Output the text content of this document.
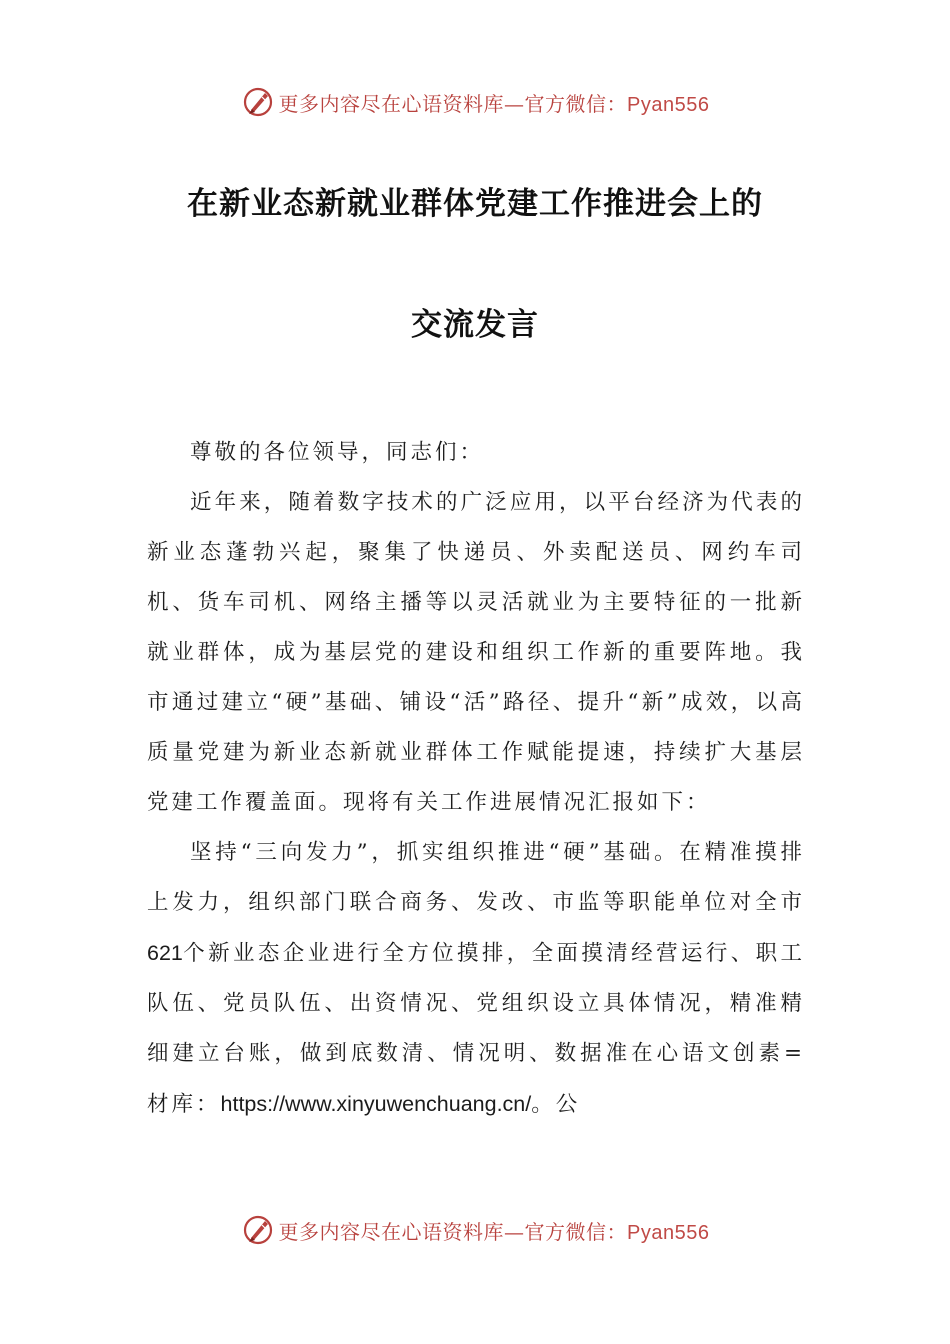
更多内容尽在心语资料库—官方微信：Pyan556
在新业态新就业群体党建工作推进会上的
交流发言

尊敬的各位领导，同志们：

近年来，随着数字技术的广泛应用，以平台经济为代表的新业态蓬勃兴起，聚集了快递员、外卖配送员、网约车司机、货车司机、网络主播等以灵活就业为主要特征的一批新就业群体，成为基层党的建设和组织工作新的重要阵地。我市通过建立“硬”基础、铺设“活”路径、提升“新”成效，以高质量党建为新业态新就业群体工作赋能提速，持续扩大基层党建工作覆盖面。现将有关工作进展情况汇报如下：

坚持“三向发力”，抓实组织推进“硬”基础。在精准摸排上发力，组织部门联合商务、发改、市监等职能单位对全市621个新业态企业进行全方位摸排，全面摸清经营运行、职工队伍、党员队伍、出资情况、党组织设立具体情况，精准精细建立台账，做到底数清、情况明、数据准在心语文创素=材库：https://www.xinyuwenchuang.cn/。公

更多内容尽在心语资料库—官方微信：Pyan556
